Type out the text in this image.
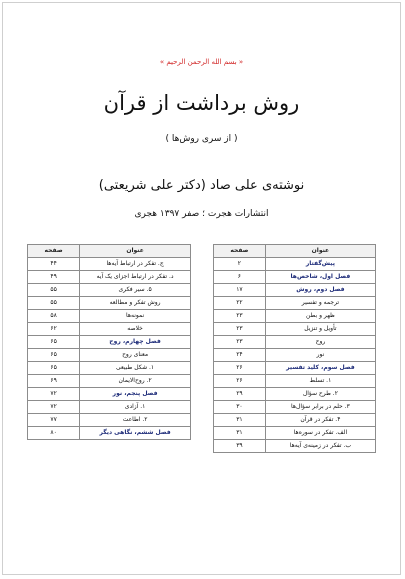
« بسم الله الرحمن الرحیم »
روش برداشت از قرآن
( از سری روش‌ها )
نوشته‌ی علی صاد (دکتر علی شریعتی)
انتشارات هجرت ؛ صفر ۱۳۹۷ هجری
عنوان	صفحه
پیش‌گفتار	۲
فصل اول، شاخص‌ها	۶
فصل دوم، روش	۱۷
ترجمه و تفسیر	۲۲
ظهر و بطن	۲۳
تأویل و تنزیل	۲۳
روح	۲۳
نور	۲۴
فصل سوم، کلید تفسیر	۲۶
۱. تسلط	۲۶
۲. طرح سؤال	۲۹
۳. حلم در برابر سؤال‌ها	۳۰
۴. تفکر در قرآن	۳۱
الف. تفکر در سوره‌ها	۳۱
ب. تفکر در زمینه‌ی آیه‌ها	۳۹
عنوان	صفحه
ج. تفکر در ارتباط آیه‌ها	۴۴
د. تفکر در ارتباط اجزای یک آیه	۴۹
۵. سیر فکری	۵۵
روش تفکر و مطالعه	۵۵
نمونه‌ها	۵۸
خلاصه	۶۲
فصل چهارم، روح	۶۵
معنای روح	۶۵
۱. شکل طبیعی	۶۵
۲. روح‌الایمان	۶۹
فصل پنجم، نور	۷۲
۱. آزادی	۷۲
۲. اطاعت	۷۷
فصل ششم، نگاهی دیگر	۸۰
